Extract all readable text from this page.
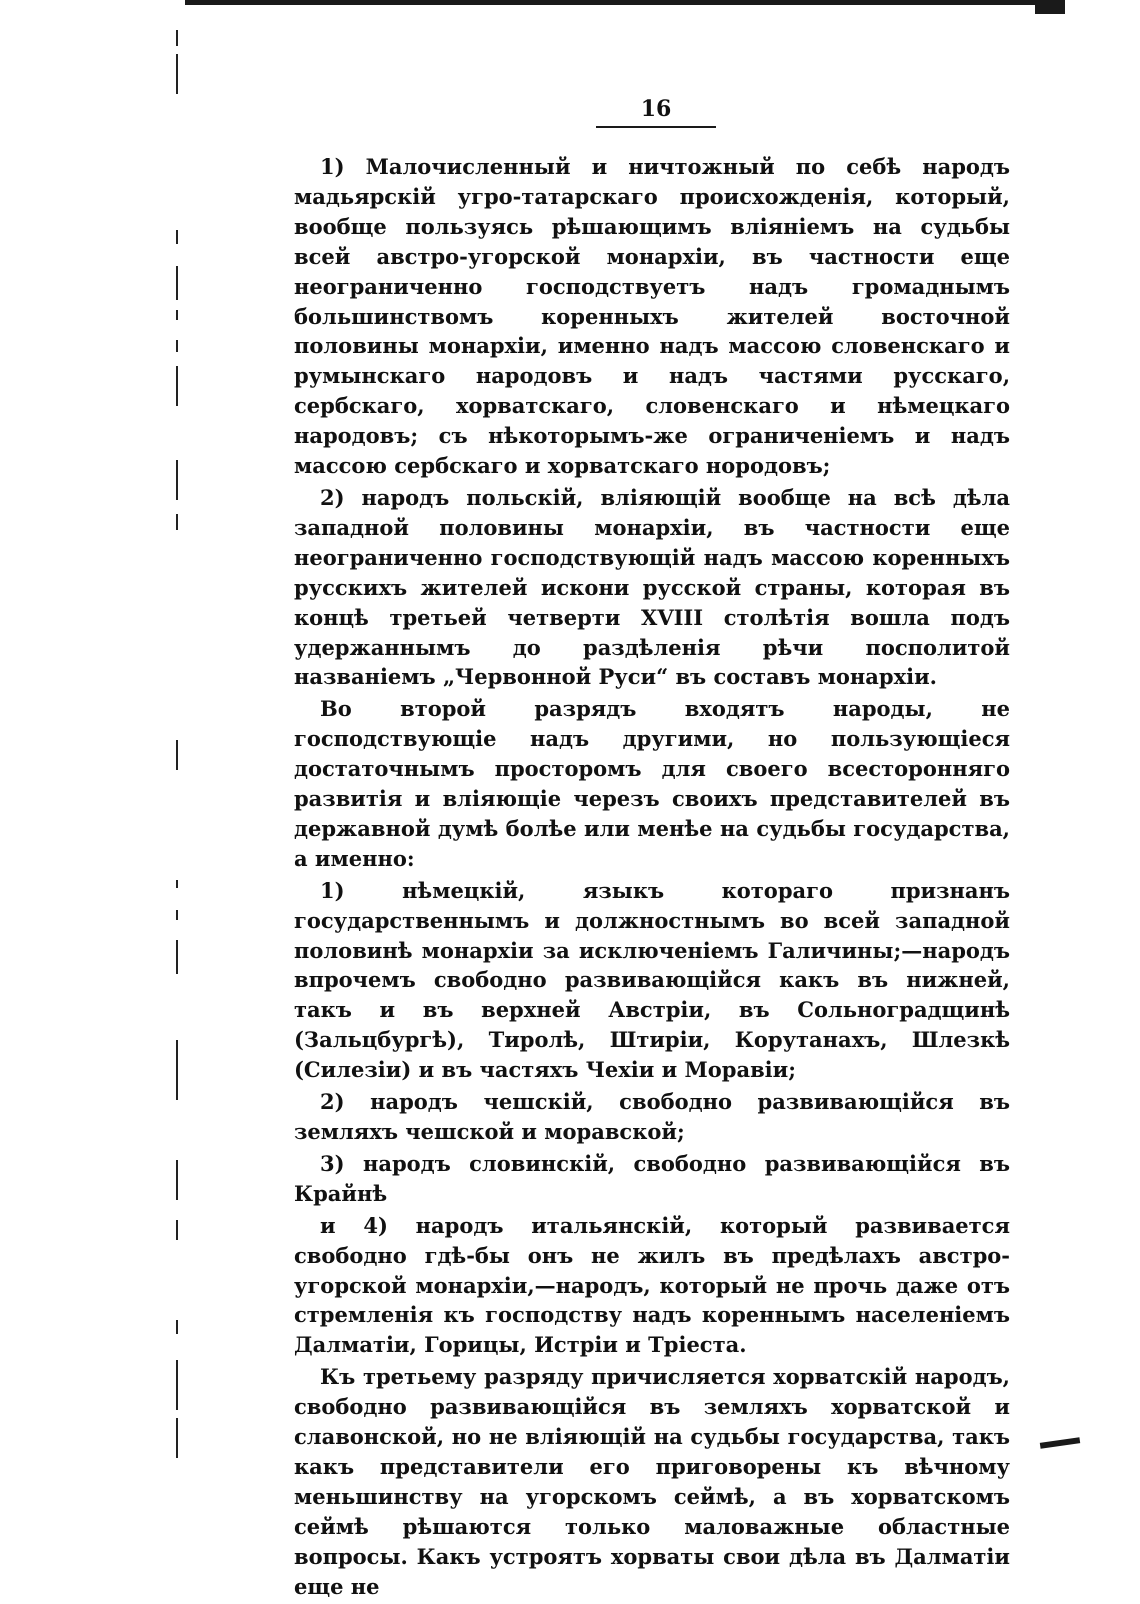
16

1) Малочисленный и ничтожный по себѣ народъ мадьярскій угро-татарскаго происхожденія, который, вообще пользуясь рѣшающимъ вліяніемъ на судьбы всей австро-угорской монархіи, въ частности еще неограниченно господствуетъ надъ громаднымъ большинствомъ коренныхъ жителей восточной половины монархіи, именно надъ массою словенскаго и румынскаго народовъ и надъ частями русскаго, сербскаго, хорватскаго, словенскаго и нѣмецкаго народовъ; съ нѣкоторымъ-же ограниченіемъ и надъ массою сербскаго и хорватскаго нородовъ;

2) народъ польскій, вліяющій вообще на всѣ дѣла западной половины монархіи, въ частности еще неограниченно господствующій надъ массою коренныхъ русскихъ жителей искони русской страны, которая въ концѣ третьей четверти XVIII столѣтія вошла подъ удержаннымъ до раздѣленія рѣчи посполитой названіемъ „Червонной Руси“ въ составъ монархіи.

Во второй разрядъ входятъ народы, не господствующіе надъ другими, но пользующіеся достаточнымъ просторомъ для своего всесторонняго развитія и вліяющіе черезъ своихъ представителей въ державной думѣ болѣе или менѣе на судьбы государства, а именно:

1) нѣмецкій, языкъ котораго признанъ государственнымъ и должностнымъ во всей западной половинѣ монархіи за исключеніемъ Галичины;—народъ впрочемъ свободно развивающійся какъ въ нижней, такъ и въ верхней Австріи, въ Сольноградщинѣ (Зальцбургѣ), Тиролѣ, Штиріи, Корутанахъ, Шлезкѣ (Силезіи) и въ частяхъ Чехіи и Моравіи;

2) народъ чешскій, свободно развивающійся въ земляхъ чешской и моравской;

3) народъ словинскій, свободно развивающійся въ Крайнѣ

и 4) народъ итальянскій, который развивается свободно гдѣ-бы онъ не жилъ въ предѣлахъ австро-угорской монархіи,—народъ, который не прочь даже отъ стремленія къ господству надъ кореннымъ населеніемъ Далматіи, Горицы, Истріи и Тріеста.

Къ третьему разряду причисляется хорватскій народъ, свободно развивающійся въ земляхъ хорватской и славонской, но не вліяющій на судьбы государства, такъ какъ представители его приговорены къ вѣчному меньшинству на угорскомъ сеймѣ, а въ хорватскомъ сеймѣ рѣшаются только маловажные областные вопросы. Какъ устроятъ хорваты свои дѣла въ Далматіи еще не
